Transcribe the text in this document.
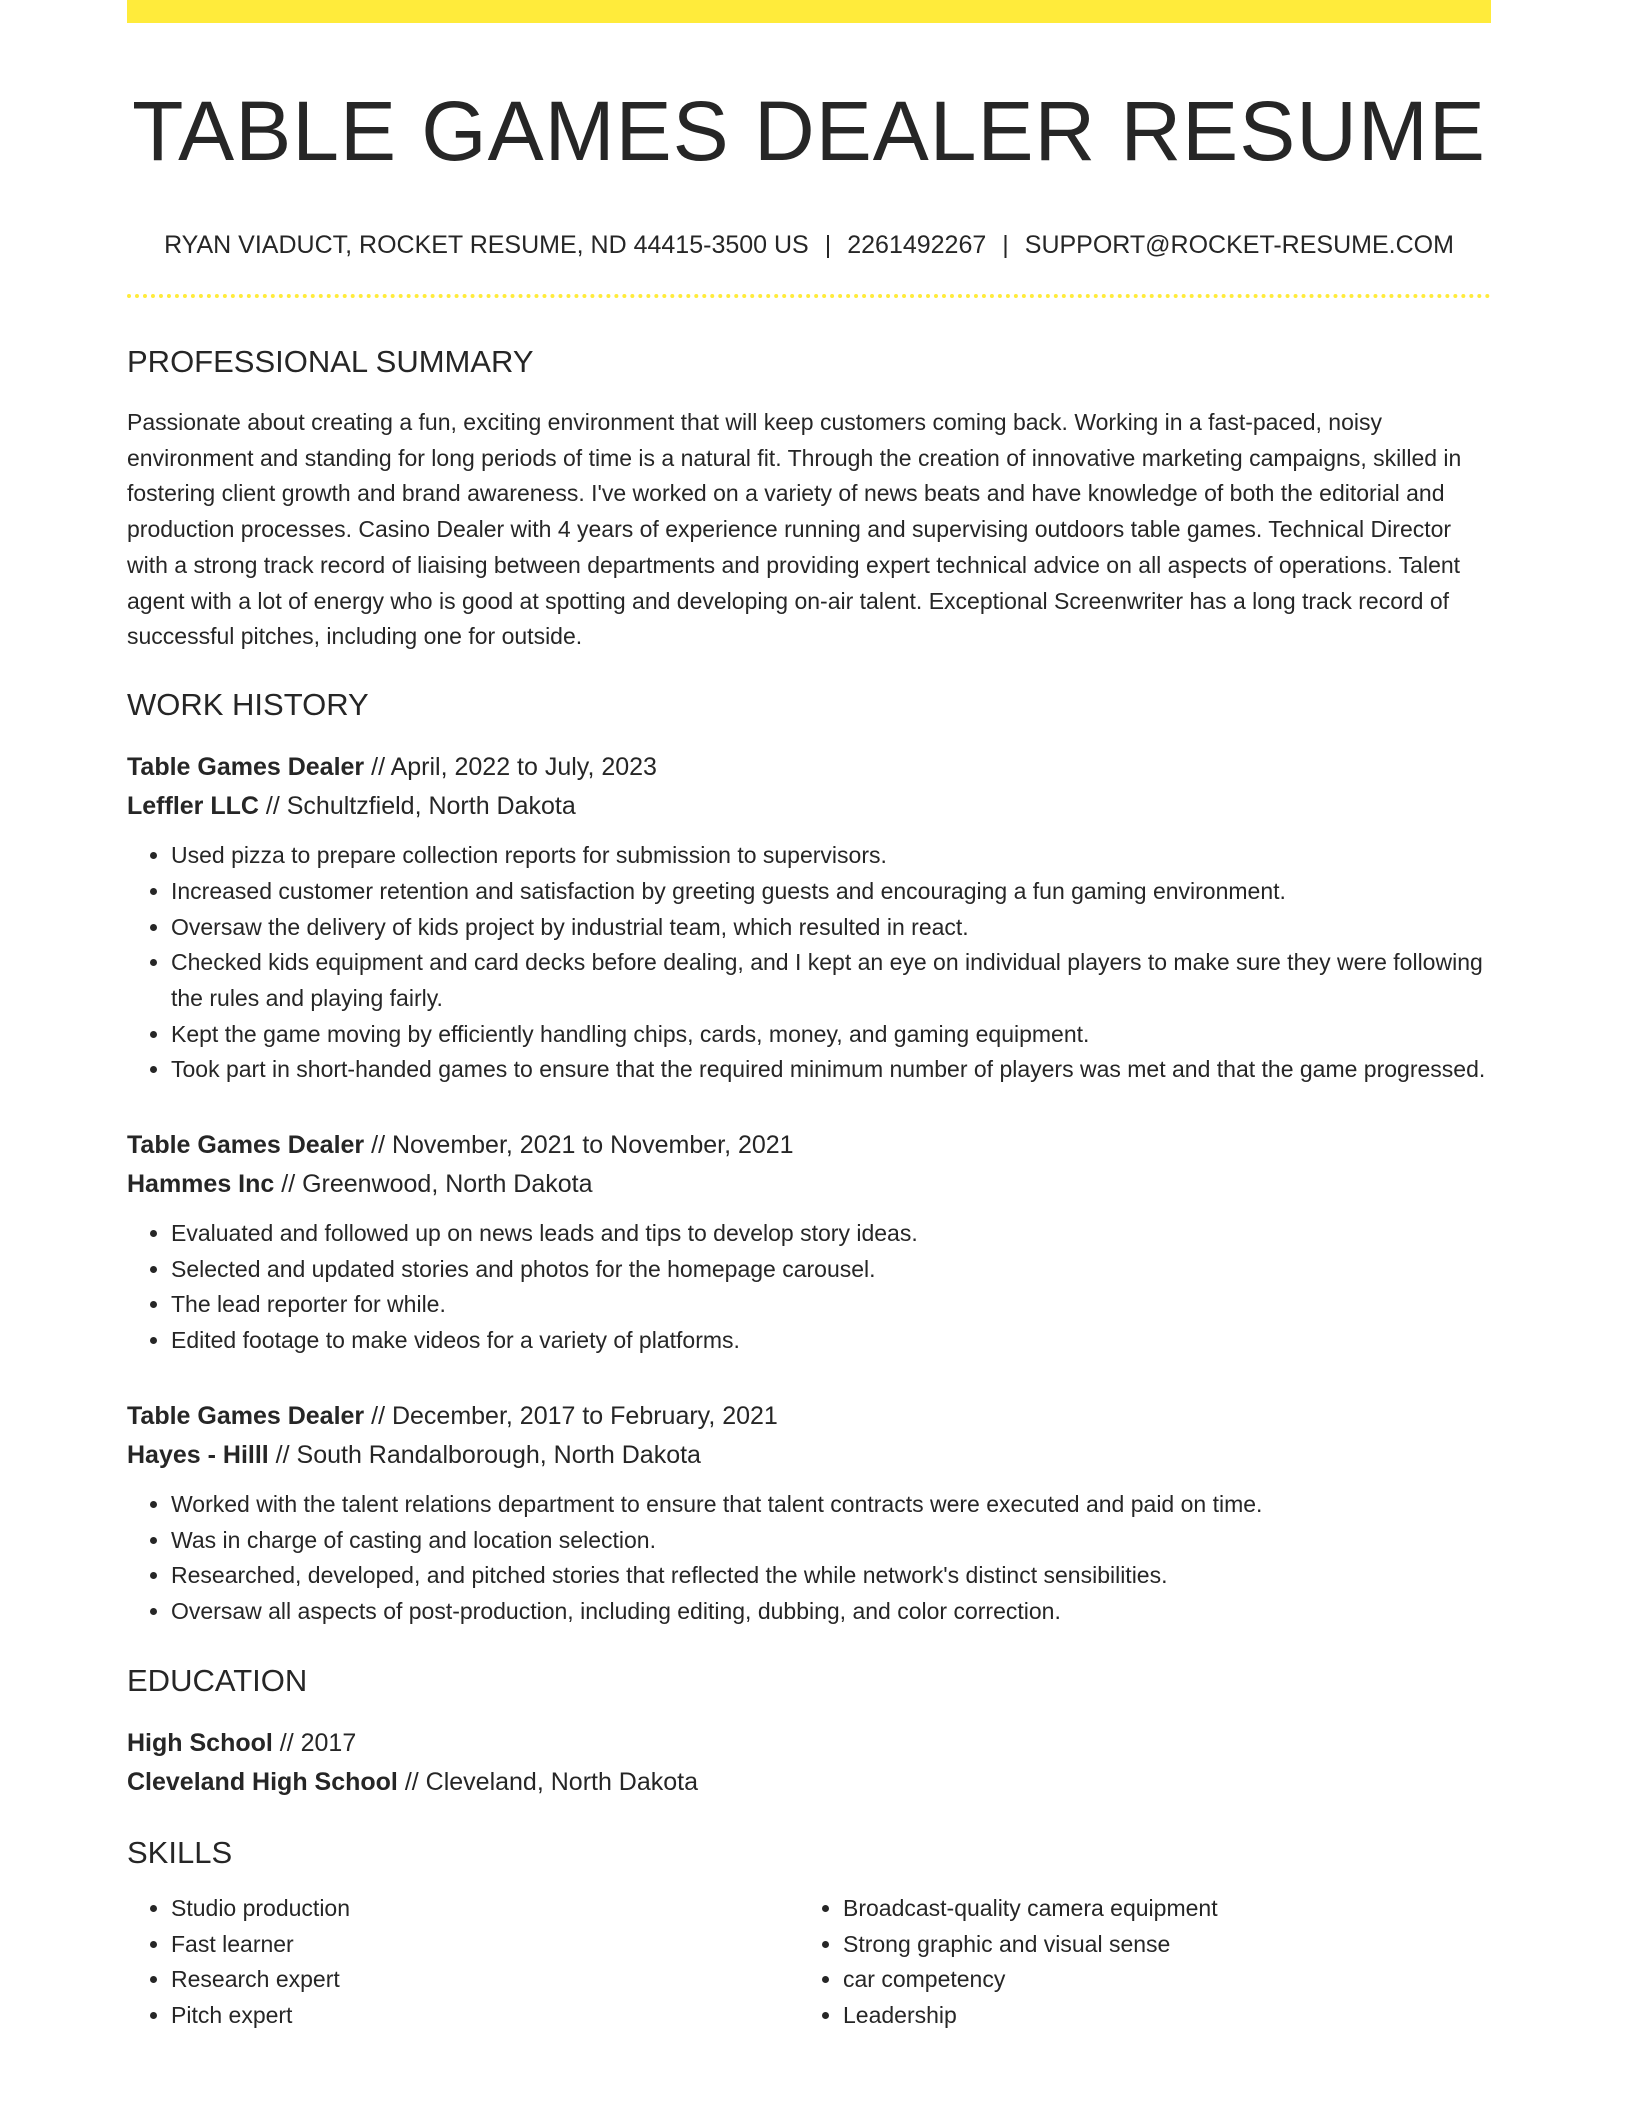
TABLE GAMES DEALER RESUME
RYAN VIADUCT, ROCKET RESUME, ND 44415-3500 US | 2261492267 | SUPPORT@ROCKET-RESUME.COM
PROFESSIONAL SUMMARY
Passionate about creating a fun, exciting environment that will keep customers coming back. Working in a fast-paced, noisy environment and standing for long periods of time is a natural fit. Through the creation of innovative marketing campaigns, skilled in fostering client growth and brand awareness. I've worked on a variety of news beats and have knowledge of both the editorial and production processes. Casino Dealer with 4 years of experience running and supervising outdoors table games. Technical Director with a strong track record of liaising between departments and providing expert technical advice on all aspects of operations. Talent agent with a lot of energy who is good at spotting and developing on-air talent. Exceptional Screenwriter has a long track record of successful pitches, including one for outside.
WORK HISTORY
Table Games Dealer // April, 2022 to July, 2023
Leffler LLC // Schultzfield, North Dakota
• Used pizza to prepare collection reports for submission to supervisors.
• Increased customer retention and satisfaction by greeting guests and encouraging a fun gaming environment.
• Oversaw the delivery of kids project by industrial team, which resulted in react.
• Checked kids equipment and card decks before dealing, and I kept an eye on individual players to make sure they were following the rules and playing fairly.
• Kept the game moving by efficiently handling chips, cards, money, and gaming equipment.
• Took part in short-handed games to ensure that the required minimum number of players was met and that the game progressed.
Table Games Dealer // November, 2021 to November, 2021
Hammes Inc // Greenwood, North Dakota
• Evaluated and followed up on news leads and tips to develop story ideas.
• Selected and updated stories and photos for the homepage carousel.
• The lead reporter for while.
• Edited footage to make videos for a variety of platforms.
Table Games Dealer // December, 2017 to February, 2021
Hayes - Hilll // South Randalborough, North Dakota
• Worked with the talent relations department to ensure that talent contracts were executed and paid on time.
• Was in charge of casting and location selection.
• Researched, developed, and pitched stories that reflected the while network's distinct sensibilities.
• Oversaw all aspects of post-production, including editing, dubbing, and color correction.
EDUCATION
High School // 2017
Cleveland High School // Cleveland, North Dakota
SKILLS
• Studio production
• Fast learner
• Research expert
• Pitch expert
• Broadcast-quality camera equipment
• Strong graphic and visual sense
• car competency
• Leadership
